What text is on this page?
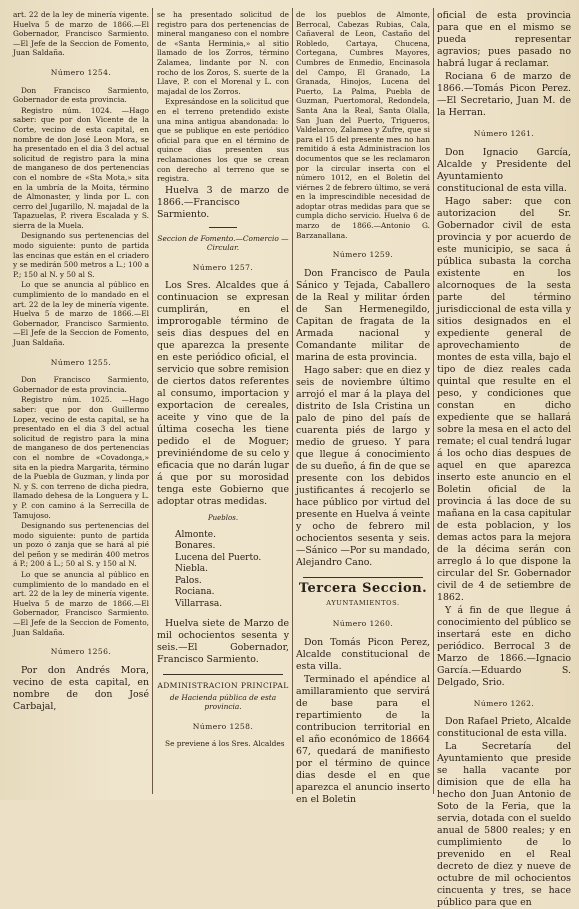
art. 22 de la ley de minería vigente. Huelva 5 de marzo de 1866.—El Gobernador, Francisco Sarmiento.—El Jefe de la Seccion de Fomento, Juan Saldaña.

Número 1254.

Don Francisco Sarmiento, Gobernador de esta provincia.

Registro núm. 1024. —Hago saber: que por don Vicente de la Corte, vecino de esta capital, en nombre de don José Leon Mora, se ha presentado en el dia 3 del actual solicitud de registro para la mina de manganeso de dos pertenencias con el nombre de «Sta Mota,» sita en la umbría de la Moita, término de Almonaster, y linda por L. con cerro del Jugarillo, N. majadal de la Tapazuelas, P. rivera Escalada y S. sierra de la Muela.

Designando sus pertenencias del modo siguiente: punto de partida las encinas que están en el criadero y se medirán 500 metros a L.; 100 a P.; 150 al N. y 50 al S.

Lo que se anuncia al público en cumplimiento de lo mandado en el art. 22 de la ley de minería vigente. Huelva 5 de marzo de 1866.—El Gobernador, Francisco Sarmiento.—El Jefe de la Seccion de Fomento, Juan Saldaña.

Número 1255.

Don Francisco Sarmiento, Gobernador de esta provincia.

Registro núm. 1025. —Hago saber: que por don Guillermo Lopez, vecino de esta capital, se ha presentado en el dia 3 del actual solicitud de registro para la mina de manganeso de dos pertenencias con el nombre de «Covadonga,» sita en la piedra Margarita, término de la Puebla de Guzman, y linda por N. y S. con terreno de dicha piedra, llamado dehesa de la Longuera y L. y P. con camino á la Serrecilla de Tamujoso.

Designando sus pertenencias del modo siguiente: punto de partida un pozo ó zanja que se hará al pié del peñon y se medirán 400 metros á P.; 200 á L.; 50 al S. y 150 al N.

Lo que se anuncia al público en cumplimiento de lo mandado en el art. 22 de la ley de minería vigente. Huelva 5 de marzo de 1866.—El Gobernador, Francisco Sarmiento.—El Jefe de la Seccion de Fomento, Juan Saldaña.

Número 1256.

Por don Andrés Mora, vecino de esta capital, en nombre de don José Carbajal,

se ha presentado solicitud de registro para dos pertenencias de mineral manganeso con el nombre de «Santa Herminia,» al sitio llamado de los Zorros, término Zalamea, lindante por N. con rocho de los Zoros, S. suerte de la Llave, P. con el Morenal y L. con majadal de los Zorros.

Expresándose en la solicitud que en el terreno pretendido existe una mina antigua abandonada: lo que se publique en este periódico oficial para que en el término de quince dias presenten sus reclamaciones los que se crean con derecho al terreno que se registra.

Huelva 3 de marzo de 1866.—Francisco Sarmiento.

Seccion de Fomento.—Comercio —Circular.
Número 1257.

Los Sres. Alcaldes que á continuacion se expresan cumplirán, en el improrogable término de seis dias despues del en que aparezca la presente en este periódico oficial, el servicio que sobre remision de ciertos datos referentes al consumo, importacion y exportacion de cereales, aceite y vino que de la última cosecha les tiene pedido el de Moguer; previniéndome de su celo y eficacia que no darán lugar á que por su morosidad tenga este Gobierno que adoptar otras medidas.

Pueblos.
Almonte.
Bonares.
Lucena del Puerto.
Niebla.
Palos.
Rociana.
Villarrasa.

Huelva siete de Marzo de mil ochocientos sesenta y seis.—El Gobernador, Francisco Sarmiento.

ADMINISTRACION PRINCIPAL
de Hacienda pública de esta provincia.
Número 1258.

Se previene á los Sres. Alcaldes

de los pueblos de Almonte, Berrocal, Cabezas Rubias, Cala, Cañaveral de Leon, Castaño del Robledo, Cartaya, Chucena, Cortegana, Cumbres Mayores, Cumbres de Enmedio, Encinasola del Campo, El Granado, La Granada, Hinojos, Lucena del Puerto, La Palma, Puebla de Guzman, Puertomoral, Redondela, Santa Ana la Real, Santa Olalla, San Juan del Puerto, Trigueros, Valdelarco, Zalamea y Zufre, que si para el 15 del presente mes no han remitido á esta Administracion los documentos que se les reclamaron por la circular inserta con el número 1012, en el Boletin del viérnes 2 de febrero último, se verá en la imprescindible necesidad de adoptar otras medidas para que se cumpla dicho servicio. Huelva 6 de marzo de 1866.—Antonio G. Barzanallana.

Número 1259.

Don Francisco de Paula Sánico y Tejada, Caballero de la Real y militar órden de San Hermenegildo, Capitan de fragata de la Armada nacional y Comandante militar de marina de esta provincia.

Hago saber: que en diez y seis de noviembre último arrojó el mar á la playa del distrito de Isla Cristina un palo de pino del país de cuarenta piés de largo y medio de grueso. Y para que llegue á conocimiento de su dueño, á fin de que se presente con los debidos justificantes á recojerlo se hace público por virtud del presente en Huelva á veinte y ocho de febrero mil ochocientos sesenta y seis. —Sánico —Por su mandado, Alejandro Cano.

Tercera Seccion.
AYUNTAMIENTOS.
Número 1260.

Don Tomás Picon Perez, Alcalde constitucional de esta villa.

Terminado el apéndice al amillaramiento que servirá de base para el repartimiento de la contribucion territorial en el año económico de 18664 67, quedará de manifiesto por el término de quince dias desde el en que aparezca el anuncio inserto en el Boletin

oficial de esta provincia para que en el mismo se pueda representar agravios; pues pasado no habrá lugar á reclamar.

Rociana 6 de marzo de 1866.—Tomás Picon Perez. —El Secretario, Juan M. de la Herran.

Número 1261.

Don Ignacio García, Alcalde y Presidente del Ayuntamiento constitucional de esta villa.

Hago saber: que con autorizacion del Sr. Gobernador civil de esta provincia y por acuerdo de este municipio, se saca á pública subasta la corcha existente en los alcornoques de la sesta parte del término jurisdiccional de esta villa y sitios designados en el expediente general de aprovechamiento de montes de esta villa, bajo el tipo de diez reales cada quintal que resulte en el peso, y condiciones que constan en dicho expediente que se hallará sobre la mesa en el acto del remate; el cual tendrá lugar á los ocho dias despues de aquel en que aparezca inserto este anuncio en el Boletin oficial de la provincia á las doce de su mañana en la casa capitular de esta poblacion, y los demas actos para la mejora de la décima serán con arreglo á lo que dispone la circular del Sr. Gobernador civil de 4 de setiembre de 1862.

Y á fin de que llegue á conocimiento del público se insertará este en dicho periódico. Berrocal 3 de Marzo de 1866.—Ignacio García.—Eduardo S. Delgado, Srio.

Número 1262.

Don Rafael Prieto, Alcalde constitucional de esta villa.

La Secretaría del Ayuntamiento que preside se halla vacante por dimision que de ella ha hecho don Juan Antonio de Soto de la Feria, que la servia, dotada con el sueldo anual de 5800 reales; y en cumplimiento de lo prevenido en el Real decreto de diez y nueve de octubre de mil ochocientos cincuenta y tres, se hace público para que en
